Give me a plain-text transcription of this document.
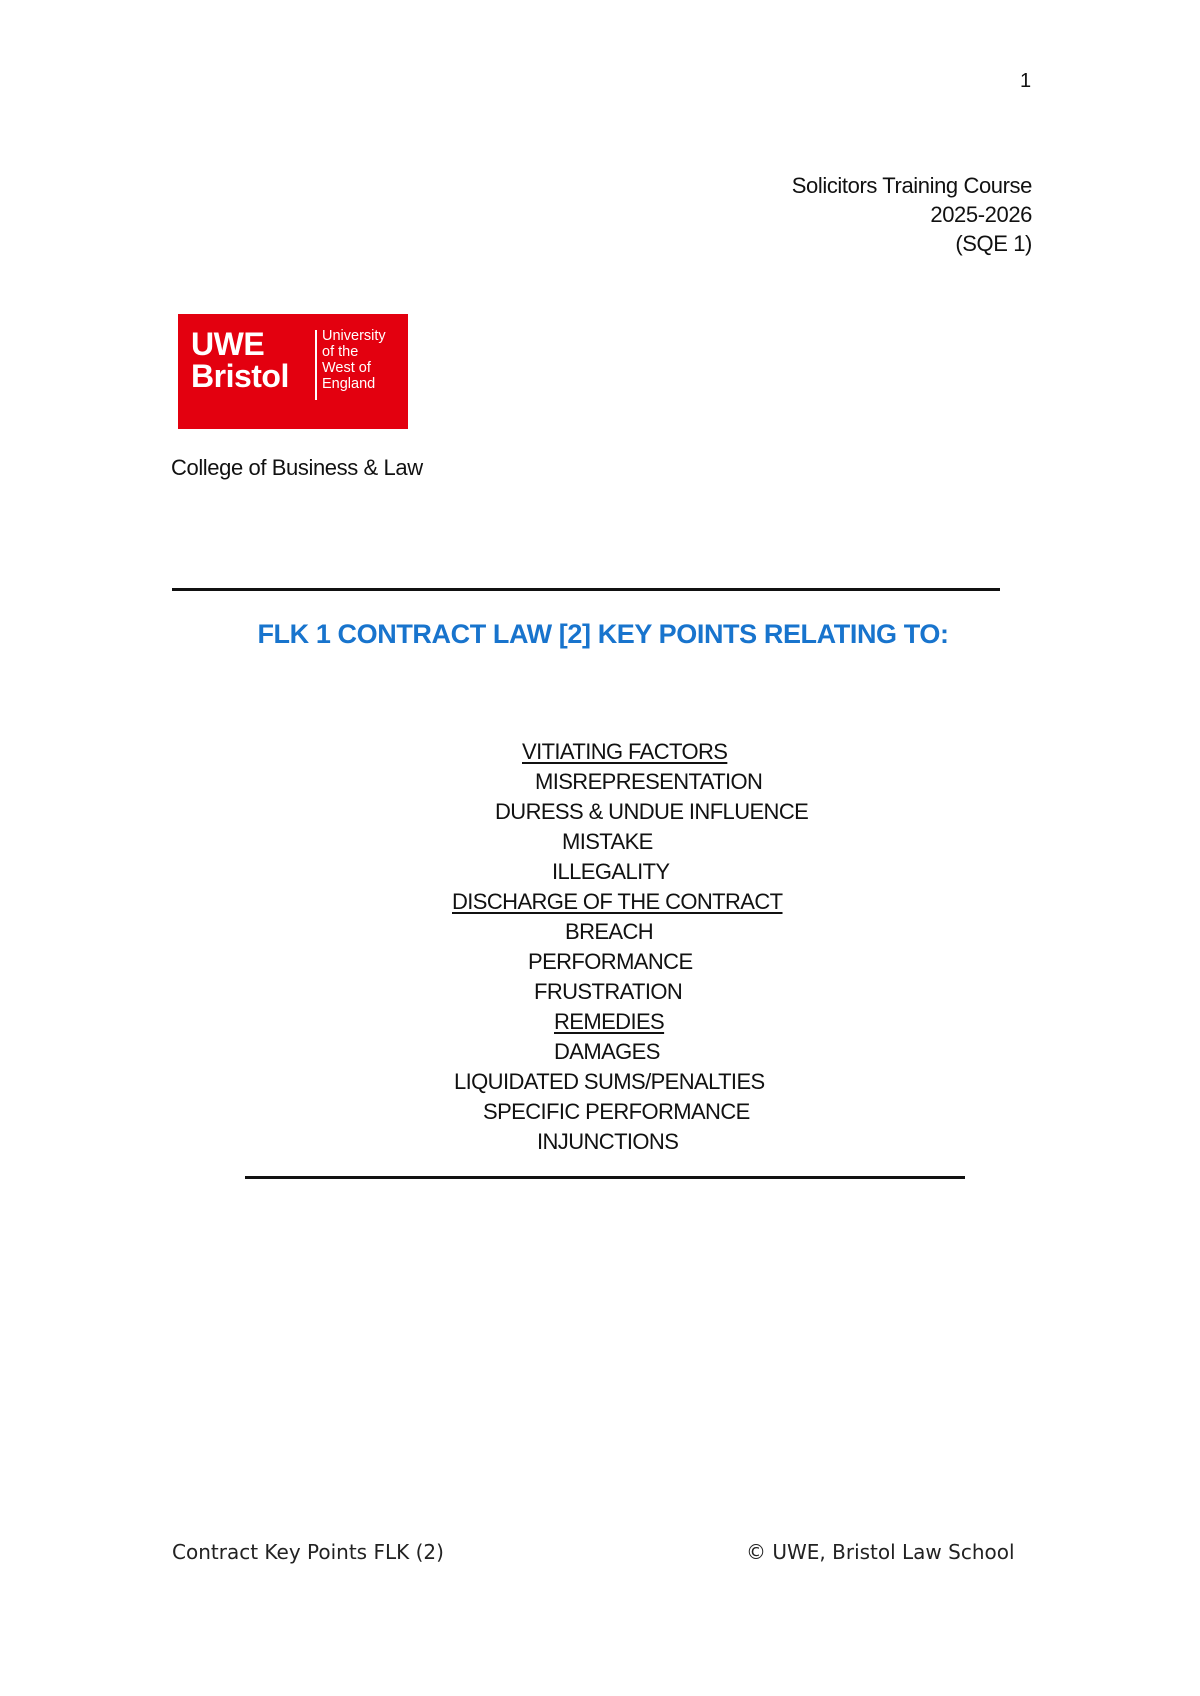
1
Solicitors Training Course
2025-2026
(SQE 1)
UWE
Bristol
University
of the
West of
England
College of Business & Law
FLK 1 CONTRACT LAW [2] KEY POINTS RELATING TO:
VITIATING FACTORS
MISREPRESENTATION
DURESS & UNDUE INFLUENCE
MISTAKE
ILLEGALITY
DISCHARGE OF THE CONTRACT
BREACH
PERFORMANCE
FRUSTRATION
REMEDIES
DAMAGES
LIQUIDATED SUMS/PENALTIES
SPECIFIC PERFORMANCE
INJUNCTIONS
Contract Key Points FLK (2)	© UWE, Bristol Law School
